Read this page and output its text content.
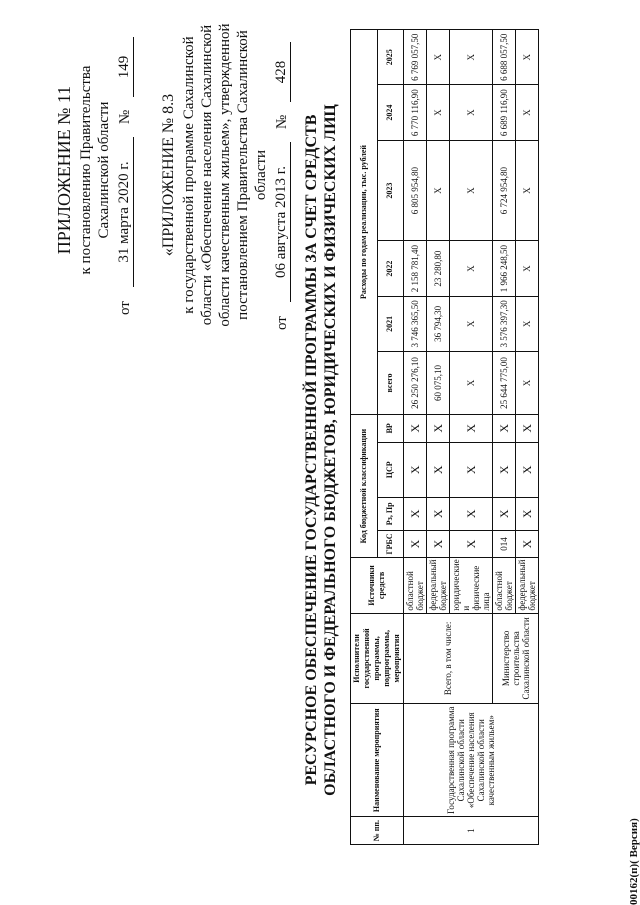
ПРИЛОЖЕНИЕ № 11 к постановлению Правительства Сахалинской области
от
31 марта 2020 г.
№
149
«ПРИЛОЖЕНИЕ № 8.3 к государственной программе Сахалинской области «Обеспечение населения Сахалинской области качественным жильем», утвержденной постановлением Правительства Сахалинской области
от
06 августа 2013 г.
№
428
РЕСУРСНОЕ ОБЕСПЕЧЕНИЕ ГОСУДАРСТВЕННОЙ ПРОГРАММЫ ЗА СЧЕТ СРЕДСТВ ОБЛАСТНОГО И ФЕДЕРАЛЬНОГО БЮДЖЕТОВ, ЮРИДИЧЕСКИХ И ФИЗИЧЕСКИХ ЛИЦ
№ пп.	Наименование мероприятия	Исполнители государственной программы, подпрограммы, мероприятия	Источники средств	Код бюджетной классификации				Расходы по годам реализации, тыс. рублей					
				ГРБС	Рз, Пр	ЦСР	ВР	всего	2021	2022	2023	2024	2025
1	Государственная программа Сахалинской области «Обеспечение населения Сахалинской области качественным жильем»	Всего, в том числе:	областной бюджет	Х	Х	Х	Х	26 250 276,10	3 746 365,50	2 158 781,40	6 805 954,80	6 770 116,90	6 769 057,50
			федеральный бюджет	Х	Х	Х	Х	60 075,10	36 794,30	23 280,80	Х	Х	Х
			юридические и физические лица	Х	Х	Х	Х	Х	Х	Х	Х	Х	Х
		Министерство строительства Сахалинской области	областной бюджет	014	Х	Х	Х	25 644 775,00	3 576 397,30	1 966 248,50	6 724 954,80	6 689 116,90	6 688 057,50
			федеральный бюджет	Х	Х	Х	Х	Х	Х	Х	Х	Х	Х
00162(п)( Версия)
